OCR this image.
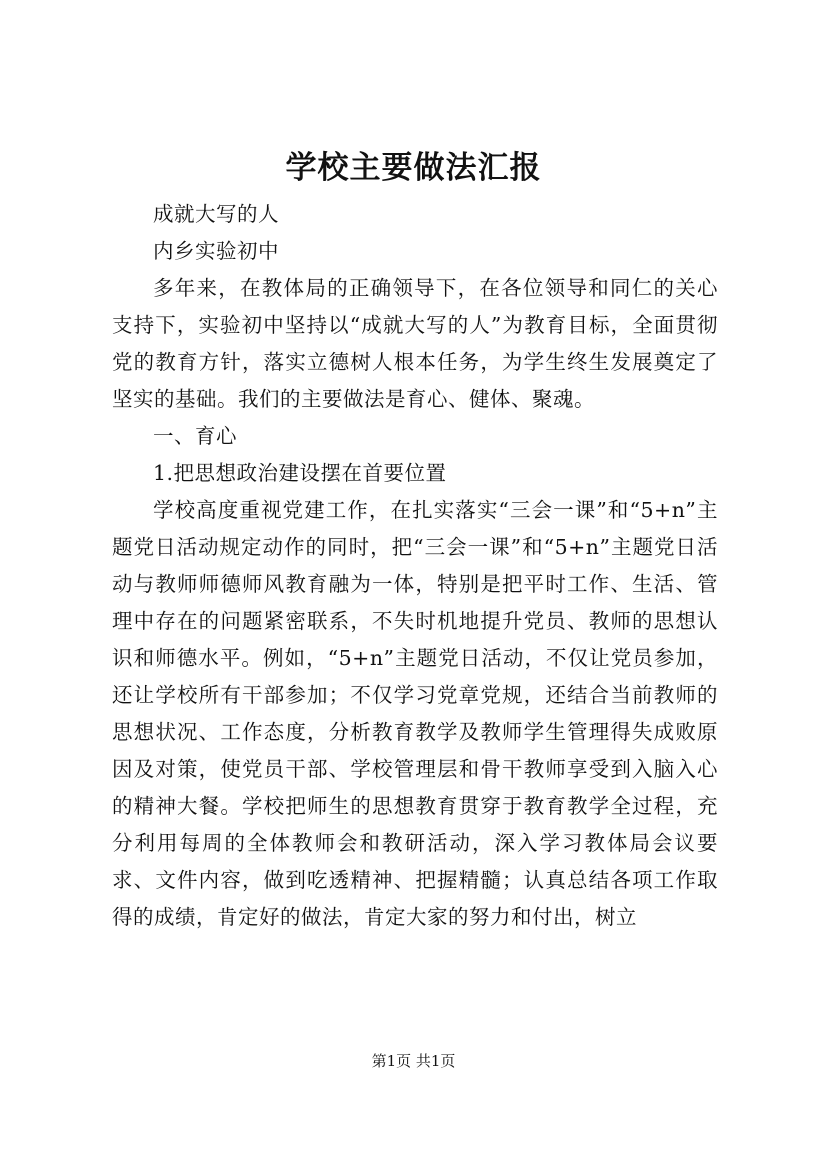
学校主要做法汇报

成就大写的人

内乡实验初中

多年来，在教体局的正确领导下，在各位领导和同仁的关心支持下，实验初中坚持以“成就大写的人”为教育目标，全面贯彻党的教育方针，落实立德树人根本任务，为学生终生发展奠定了坚实的基础。我们的主要做法是育心、健体、聚魂。

一、育心

1.把思想政治建设摆在首要位置

学校高度重视党建工作，在扎实落实“三会一课”和“5+n”主题党日活动规定动作的同时，把“三会一课”和“5+n”主题党日活动与教师师德师风教育融为一体，特别是把平时工作、生活、管理中存在的问题紧密联系，不失时机地提升党员、教师的思想认识和师德水平。例如，“5+n”主题党日活动，不仅让党员参加，还让学校所有干部参加；不仅学习党章党规，还结合当前教师的思想状况、工作态度，分析教育教学及教师学生管理得失成败原因及对策，使党员干部、学校管理层和骨干教师享受到入脑入心的精神大餐。学校把师生的思想教育贯穿于教育教学全过程，充分利用每周的全体教师会和教研活动，深入学习教体局会议要求、文件内容，做到吃透精神、把握精髓；认真总结各项工作取得的成绩，肯定好的做法，肯定大家的努力和付出，树立

第1页 共1页
